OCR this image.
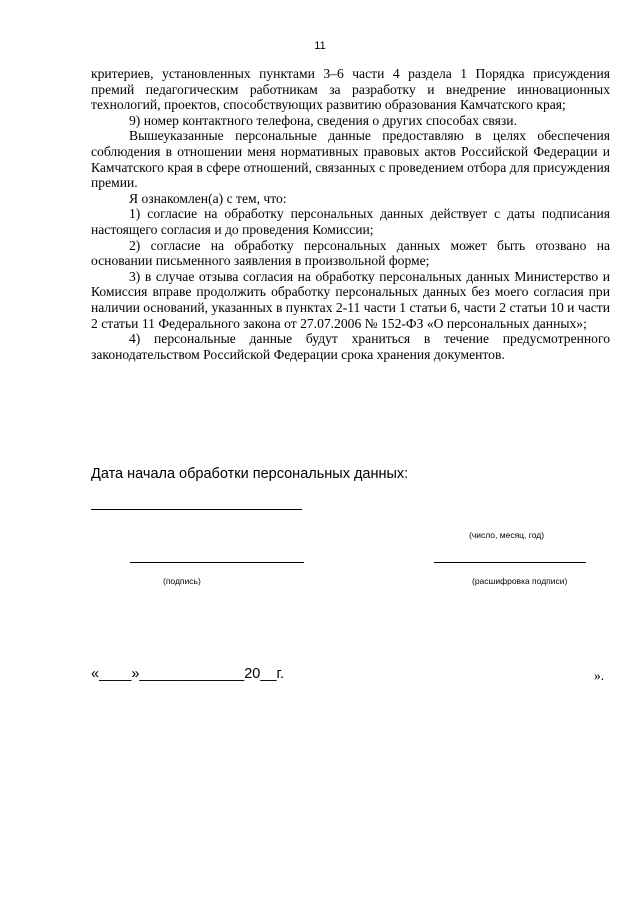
11

критериев, установленных пунктами 3–6 части 4 раздела 1 Порядка присуждения премий педагогическим работникам за разработку и внедрение инновационных технологий, проектов, способствующих развитию образования Камчатского края;

9) номер контактного телефона, сведения о других способах связи.

Вышеуказанные персональные данные предоставляю в целях обеспечения соблюдения в отношении меня нормативных правовых актов Российской Федерации и Камчатского края в сфере отношений, связанных с проведением отбора для присуждения премии.

Я ознакомлен(а) с тем, что:

1) согласие на обработку персональных данных действует с даты подписания настоящего согласия и до проведения Комиссии;

2) согласие на обработку персональных данных может быть отозвано на основании письменного заявления в произвольной форме;

3) в случае отзыва согласия на обработку персональных данных Министерство и Комиссия вправе продолжить обработку персональных данных без моего согласия при наличии оснований, указанных в пунктах 2-11 части 1 статьи 6, части 2 статьи 10 и части 2 статьи 11 Федерального закона от 27.07.2006 № 152-ФЗ «О персональных данных»;

4) персональные данные будут храниться в течение предусмотренного законодательством Российской Федерации срока хранения документов.

Дата начала обработки персональных данных:
(число, месяц, год)
(подпись)	(расшифровка подписи)
«____»_____________20__г.	».
